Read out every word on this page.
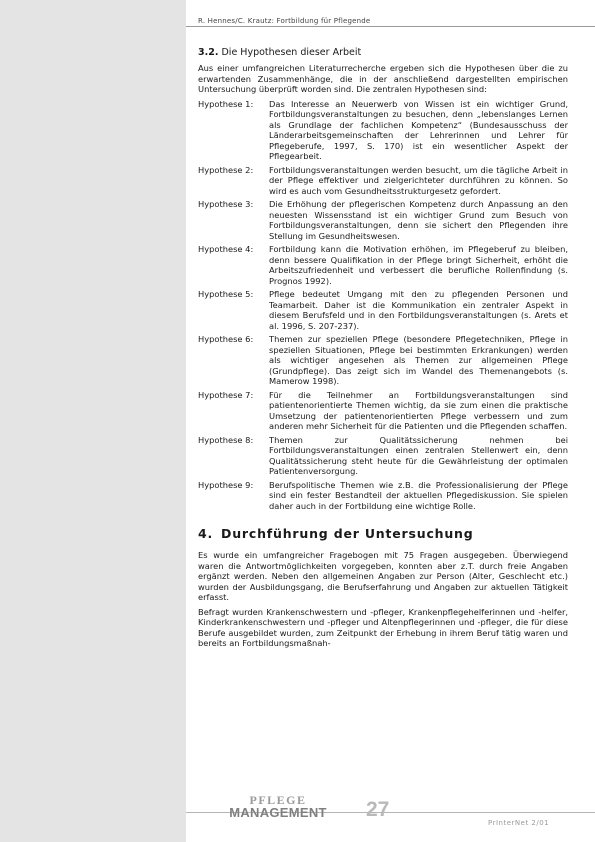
R. Hennes/C. Krautz: Fortbildung für Pflegende
3.2. Die Hypothesen dieser Arbeit

Aus einer umfangreichen Literaturrecherche ergeben sich die Hypothesen über die zu erwartenden Zusammenhänge, die in der anschließend dargestellten empirischen Untersuchung überprüft worden sind. Die zentralen Hypothesen sind:

Hypothese 1:	Das Interesse an Neuerwerb von Wissen ist ein wichtiger Grund, Fortbildungsveranstaltungen zu besuchen, denn „lebenslanges Lernen als Grundlage der fachlichen Kompetenz“ (Bundesausschuss der Länderarbeitsgemeinschaften der Lehrerinnen und Lehrer für Pflegeberufe, 1997, S. 170) ist ein wesentlicher Aspekt der Pflegearbeit.
Hypothese 2:	Fortbildungsveranstaltungen werden besucht, um die tägliche Arbeit in der Pflege effektiver und zielgerichteter durchführen zu können. So wird es auch vom Gesundheitsstrukturgesetz gefordert.
Hypothese 3:	Die Erhöhung der pflegerischen Kompetenz durch Anpassung an den neuesten Wissensstand ist ein wichtiger Grund zum Besuch von Fortbildungsveranstaltungen, denn sie sichert den Pflegenden ihre Stellung im Gesundheitswesen.
Hypothese 4:	Fortbildung kann die Motivation erhöhen, im Pflegeberuf zu bleiben, denn bessere Qualifikation in der Pflege bringt Sicherheit, erhöht die Arbeitszufriedenheit und verbessert die berufliche Rollenfindung (s. Prognos 1992).
Hypothese 5:	Pflege bedeutet Umgang mit den zu pflegenden Personen und Teamarbeit. Daher ist die Kommunikation ein zentraler Aspekt in diesem Berufsfeld und in den Fortbildungsveranstaltungen (s. Arets et al. 1996, S. 207-237).
Hypothese 6:	Themen zur speziellen Pflege (besondere Pflegetechniken, Pflege in speziellen Situationen, Pflege bei bestimmten Erkrankungen) werden als wichtiger angesehen als Themen zur allgemeinen Pflege (Grundpflege). Das zeigt sich im Wandel des Themenangebots (s. Mamerow 1998).
Hypothese 7:	Für die Teilnehmer an Fortbildungsveranstaltungen sind patientenorientierte Themen wichtig, da sie zum einen die praktische Umsetzung der patientenorientierten Pflege verbessern und zum anderen mehr Sicherheit für die Patienten und die Pflegenden schaffen.
Hypothese 8:	Themen zur Qualitätssicherung nehmen bei Fortbildungsveranstaltungen einen zentralen Stellenwert ein, denn Qualitätssicherung steht heute für die Gewährleistung der optimalen Patientenversorgung.
Hypothese 9:	Berufspolitische Themen wie z.B. die Professionalisierung der Pflege sind ein fester Bestandteil der aktuellen Pflegediskussion. Sie spielen daher auch in der Fortbildung eine wichtige Rolle.
4. Durchführung der Untersuchung

Es wurde ein umfangreicher Fragebogen mit 75 Fragen ausgegeben. Überwiegend waren die Antwortmöglichkeiten vorgegeben, konnten aber z.T. durch freie Angaben ergänzt werden. Neben den allgemeinen Angaben zur Person (Alter, Geschlecht etc.) wurden der Ausbildungsgang, die Berufserfahrung und Angaben zur aktuellen Tätigkeit erfasst.

Befragt wurden Krankenschwestern und -pfleger, Krankenpflegehelferinnen und -helfer, Kinderkrankenschwestern und -pfleger und Altenpflegerinnen und -pfleger, die für diese Berufe ausgebildet wurden, zum Zeitpunkt der Erhebung in ihrem Beruf tätig waren und bereits an Fortbildungsmaßnah-

PFLEGE
MANAGEMENT 27
PrInterNet 2/01
